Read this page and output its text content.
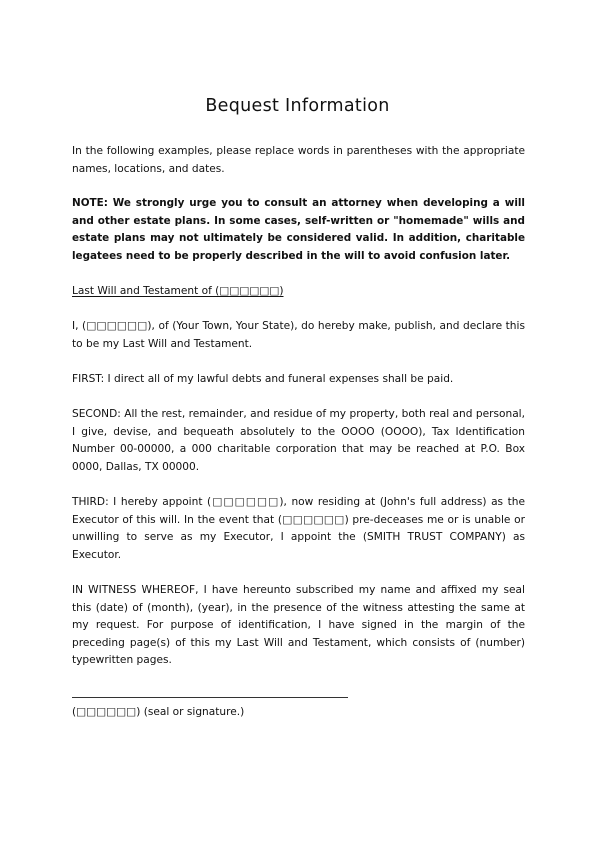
Bequest Information

In the following examples, please replace words in parentheses with the appropriate names, locations, and dates.

NOTE: We strongly urge you to consult an attorney when developing a will and other estate plans. In some cases, self-written or "homemade" wills and estate plans may not ultimately be considered valid. In addition, charitable legatees need to be properly described in the will to avoid confusion later.

Last Will and Testament of (□□□□□□)

I, (□□□□□□), of (Your Town, Your State), do hereby make, publish, and declare this to be my Last Will and Testament.

FIRST: I direct all of my lawful debts and funeral expenses shall be paid.

SECOND: All the rest, remainder, and residue of my property, both real and personal, I give, devise, and bequeath absolutely to the OOOO (OOOO), Tax Identification Number 00-00000, a 000 charitable corporation that may be reached at P.O. Box 0000, Dallas, TX 00000.

THIRD: I hereby appoint (□□□□□□), now residing at (John's full address) as the Executor of this will. In the event that (□□□□□□) pre-deceases me or is unable or unwilling to serve as my Executor, I appoint the (SMITH TRUST COMPANY) as Executor.

IN WITNESS WHEREOF, I have hereunto subscribed my name and affixed my seal this (date) of (month), (year), in the presence of the witness attesting the same at my request. For purpose of identification, I have signed in the margin of the preceding page(s) of this my Last Will and Testament, which consists of (number) typewritten pages.

(□□□□□□) (seal or signature.)
